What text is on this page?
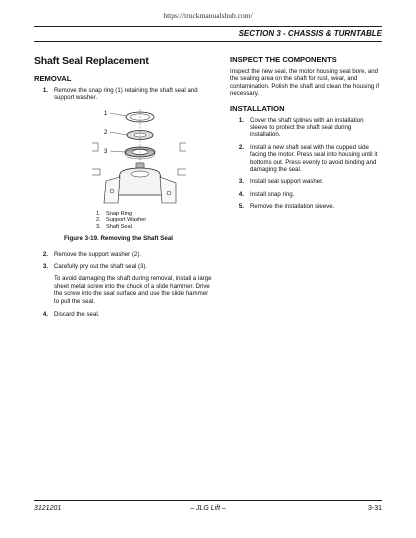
https://truckmanualshub.com/
SECTION 3 - CHASSIS & TURNTABLE
Shaft Seal Replacement
REMOVAL
1. Remove the snap ring (1) retaining the shaft seal and support washer.
1
2
3
1. Snap Ring
2. Support Washer
3. Shaft Seal
Figure 3-19. Removing the Shaft Seal
2. Remove the support washer (2).
3. Carefully pry out the shaft seal (3).
To avoid damaging the shaft during removal, install a large sheet metal screw into the chuck of a slide hammer. Drive the screw into the seal surface and use the slide hammer to pull the seal.
4. Discard the seal.
INSPECT THE COMPONENTS
Inspect the new seal, the motor housing seal bore, and the sealing area on the shaft for rust, wear, and contamination. Polish the shaft and clean the housing if necessary.
INSTALLATION
1. Cover the shaft splines with an installation sleeve to protect the shaft seal during installation.
2. Install a new shaft seal with the cupped side facing the motor. Press seal into housing until it bottoms out. Press evenly to avoid binding and damaging the seal.
3. Install seal support washer.
4. Install snap ring.
5. Remove the installation sleeve.
3121201	– JLG Lift –	3-31
